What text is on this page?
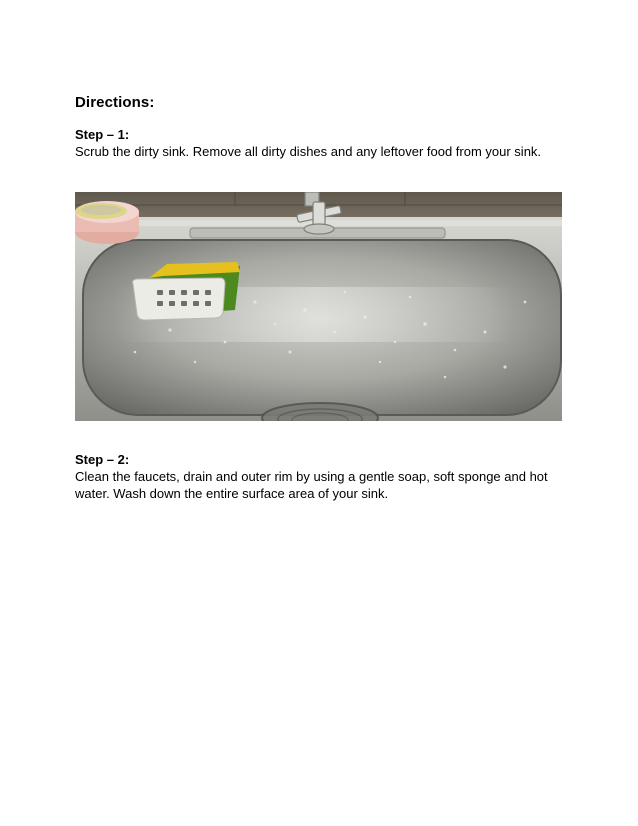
Directions:
Step – 1:
Scrub the dirty sink. Remove all dirty dishes and any leftover food from your sink.
Step – 2:
Clean the faucets, drain and outer rim by using a gentle soap, soft sponge and hot water. Wash down the entire surface area of your sink.
